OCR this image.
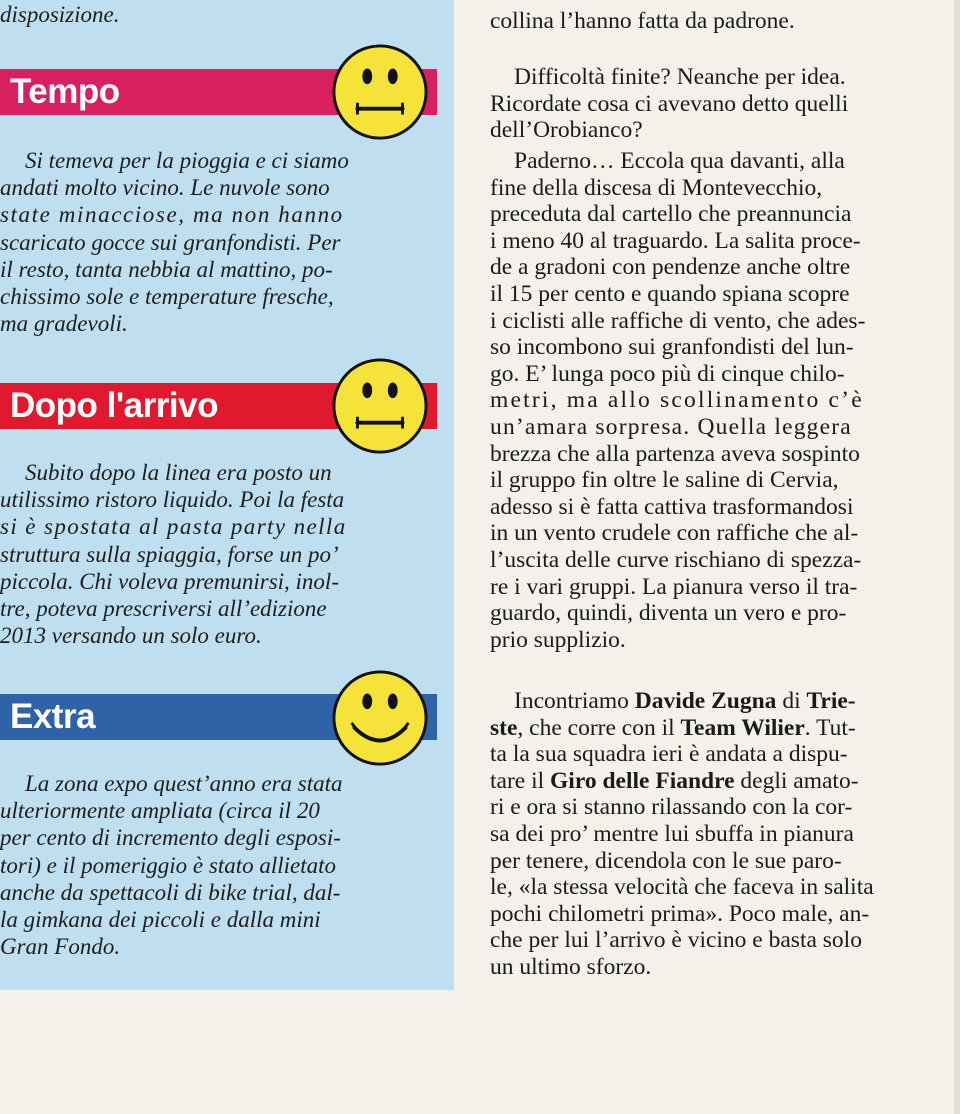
disposizione.
Tempo
Si temeva per la pioggia e ci siamo
andati molto vicino. Le nuvole sono
state minacciose, ma non hanno
scaricato gocce sui granfondisti. Per
il resto, tanta nebbia al mattino, po-
chissimo sole e temperature fresche,
ma gradevoli.
Dopo l'arrivo
Subito dopo la linea era posto un
utilissimo ristoro liquido. Poi la festa
si è spostata al pasta party nella
struttura sulla spiaggia, forse un po’
piccola. Chi voleva premunirsi, inol-
tre, poteva prescriversi all’edizione
2013 versando un solo euro.
Extra
La zona expo quest’anno era stata
ulteriormente ampliata (circa il 20
per cento di incremento degli esposi-
tori) e il pomeriggio è stato allietato
anche da spettacoli di bike trial, dal-
la gimkana dei piccoli e dalla mini
Gran Fondo.
collina l’hanno fatta da padrone.
Difficoltà finite? Neanche per idea.
Ricordate cosa ci avevano detto quelli
dell’Orobianco?
Paderno… Eccola qua davanti, alla
fine della discesa di Montevecchio,
preceduta dal cartello che preannuncia
i meno 40 al traguardo. La salita proce-
de a gradoni con pendenze anche oltre
il 15 per cento e quando spiana scopre
i ciclisti alle raffiche di vento, che ades-
so incombono sui granfondisti del lun-
go. E’ lunga poco più di cinque chilo-
metri, ma allo scollinamento c’è
un’amara sorpresa. Quella leggera
brezza che alla partenza aveva sospinto
il gruppo fin oltre le saline di Cervia,
adesso si è fatta cattiva trasformandosi
in un vento crudele con raffiche che al-
l’uscita delle curve rischiano di spezza-
re i vari gruppi. La pianura verso il tra-
guardo, quindi, diventa un vero e pro-
prio supplizio.
Incontriamo Davide Zugna di Trie-
ste, che corre con il Team Wilier. Tut-
ta la sua squadra ieri è andata a dispu-
tare il Giro delle Fiandre degli amato-
ri e ora si stanno rilassando con la cor-
sa dei pro’ mentre lui sbuffa in pianura
per tenere, dicendola con le sue paro-
le, «la stessa velocità che faceva in salita
pochi chilometri prima». Poco male, an-
che per lui l’arrivo è vicino e basta solo
un ultimo sforzo.
